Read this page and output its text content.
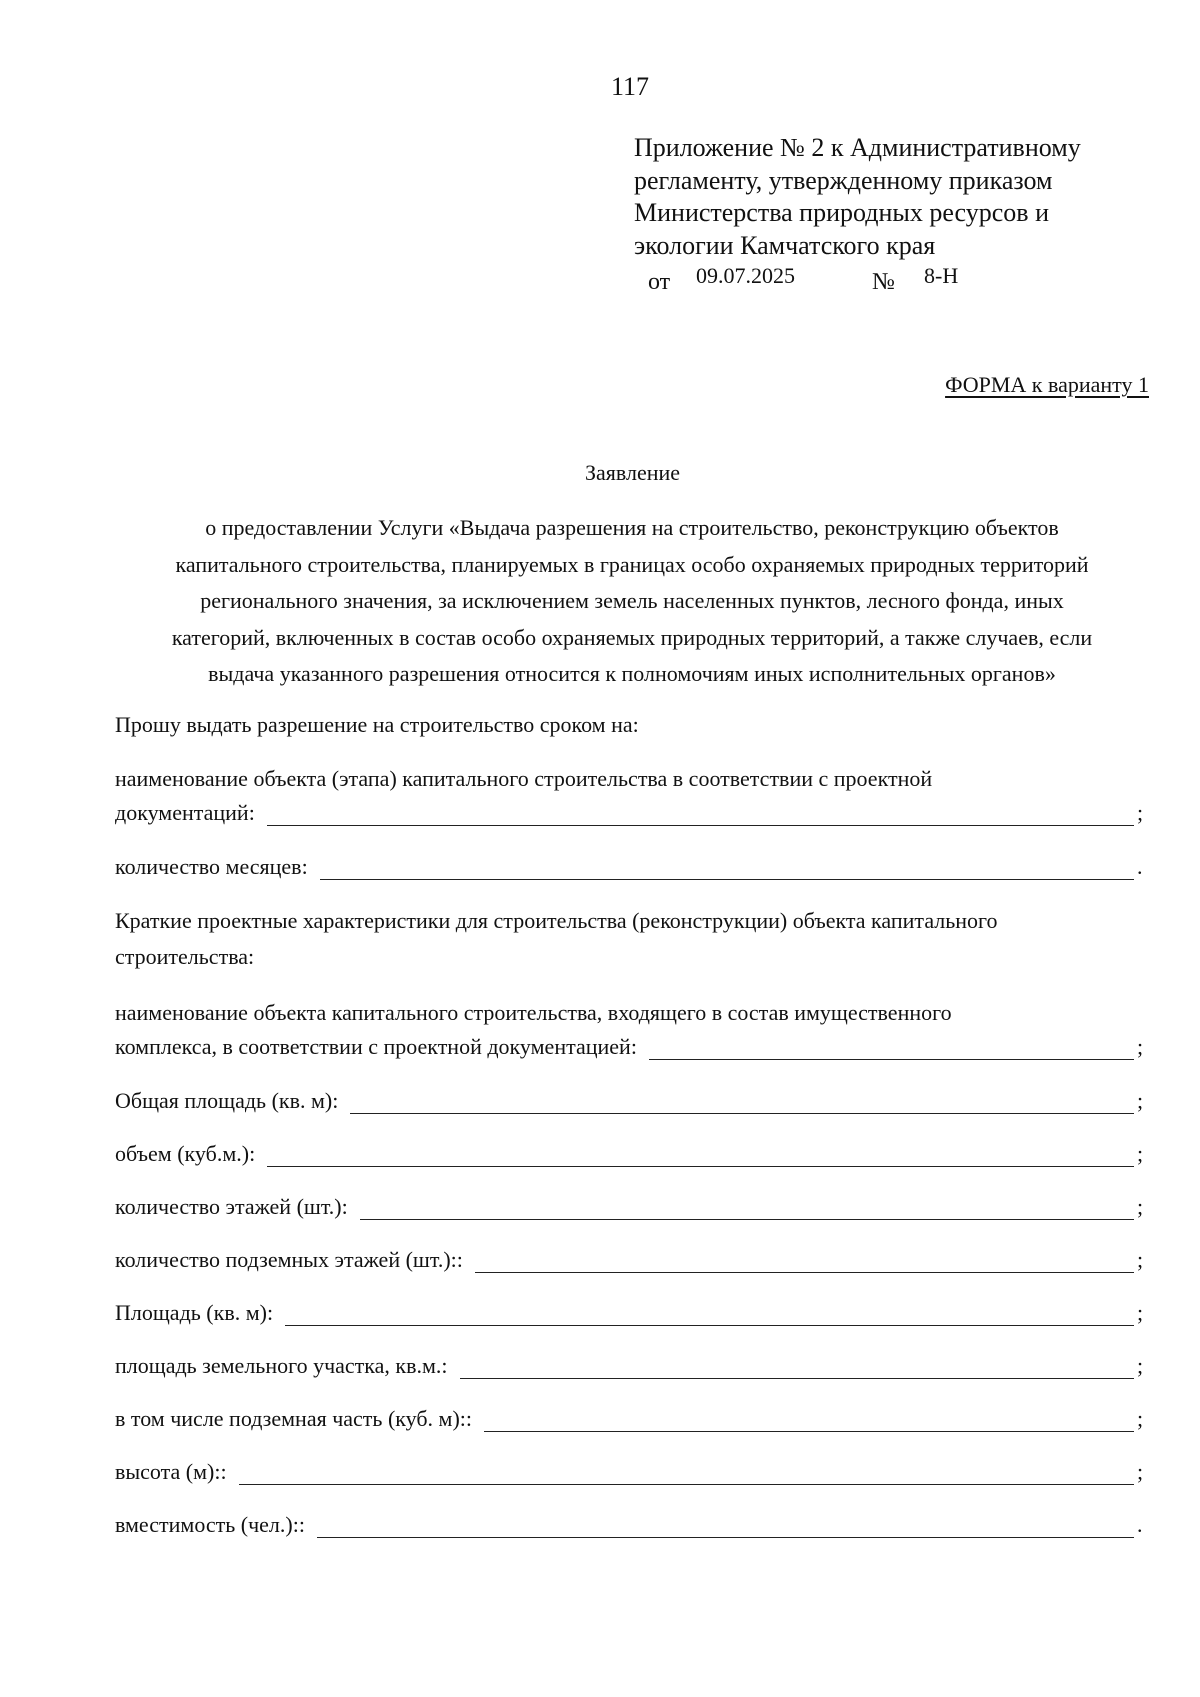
117
Приложение № 2 к Административному
регламенту, утвержденному приказом
Министерства природных ресурсов и
экологии Камчатского края
от 09.07.2025	№ 8-Н
ФОРМА к варианту 1
Заявление
о предоставлении Услуги «Выдача разрешения на строительство, реконструкцию объектов
капитального строительства, планируемых в границах особо охраняемых природных территорий
регионального значения, за исключением земель населенных пунктов, лесного фонда, иных
категорий, включенных в состав особо охраняемых природных территорий, а также случаев, если
выдача указанного разрешения относится к полномочиям иных исполнительных органов»
Прошу выдать разрешение на строительство сроком на:
наименование объекта (этапа) капитального строительства в соответствии с проектной
документаций:	;
количество месяцев:	.
Краткие проектные характеристики для строительства (реконструкции) объекта капитального
строительства:
наименование объекта капитального строительства, входящего в состав имущественного
комплекса, в соответствии с проектной документацией:	;
Общая площадь (кв. м):	;
объем (куб.м.):	;
количество этажей (шт.):	;
количество подземных этажей (шт.)::	;
Площадь (кв. м):	;
площадь земельного участка, кв.м.:	;
в том числе подземная часть (куб. м)::	;
высота (м)::	;
вместимость (чел.)::	.
